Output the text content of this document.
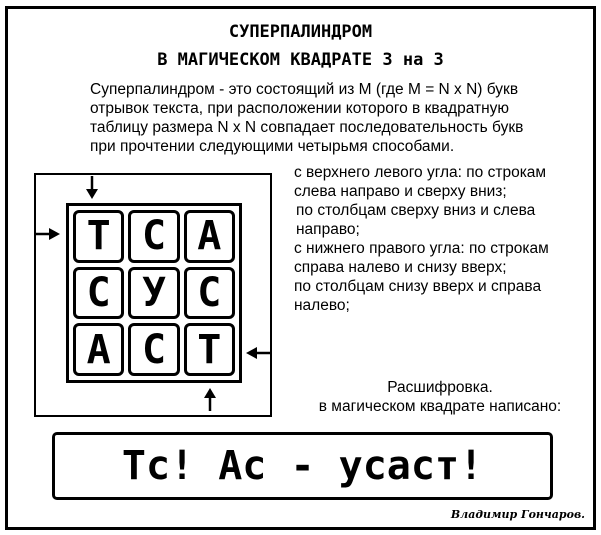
СУПЕРПАЛИНДРОМ
В МАГИЧЕСКОМ КВАДРАТЕ 3 на 3

Суперпалиндром - это состоящий из М (где М = N x N) букв
отрывок текста, при расположении которого в квадратную
таблицу размера N x N совпадает последовательность букв
при прочтении следующими четырьмя способами.

Т С А
С У С
А С Т
с верхнего левого угла: по строкам
слева направо и сверху вниз;
по столбцам сверху вниз и слева
направо;
с нижнего правого угла: по строкам
справа налево и снизу вверх;
по столбцам снизу вверх и справа
налево;
Расшифровка.
в магическом квадрате написано:
Тс! Ас - усаст!
Владимир Гончаров.
